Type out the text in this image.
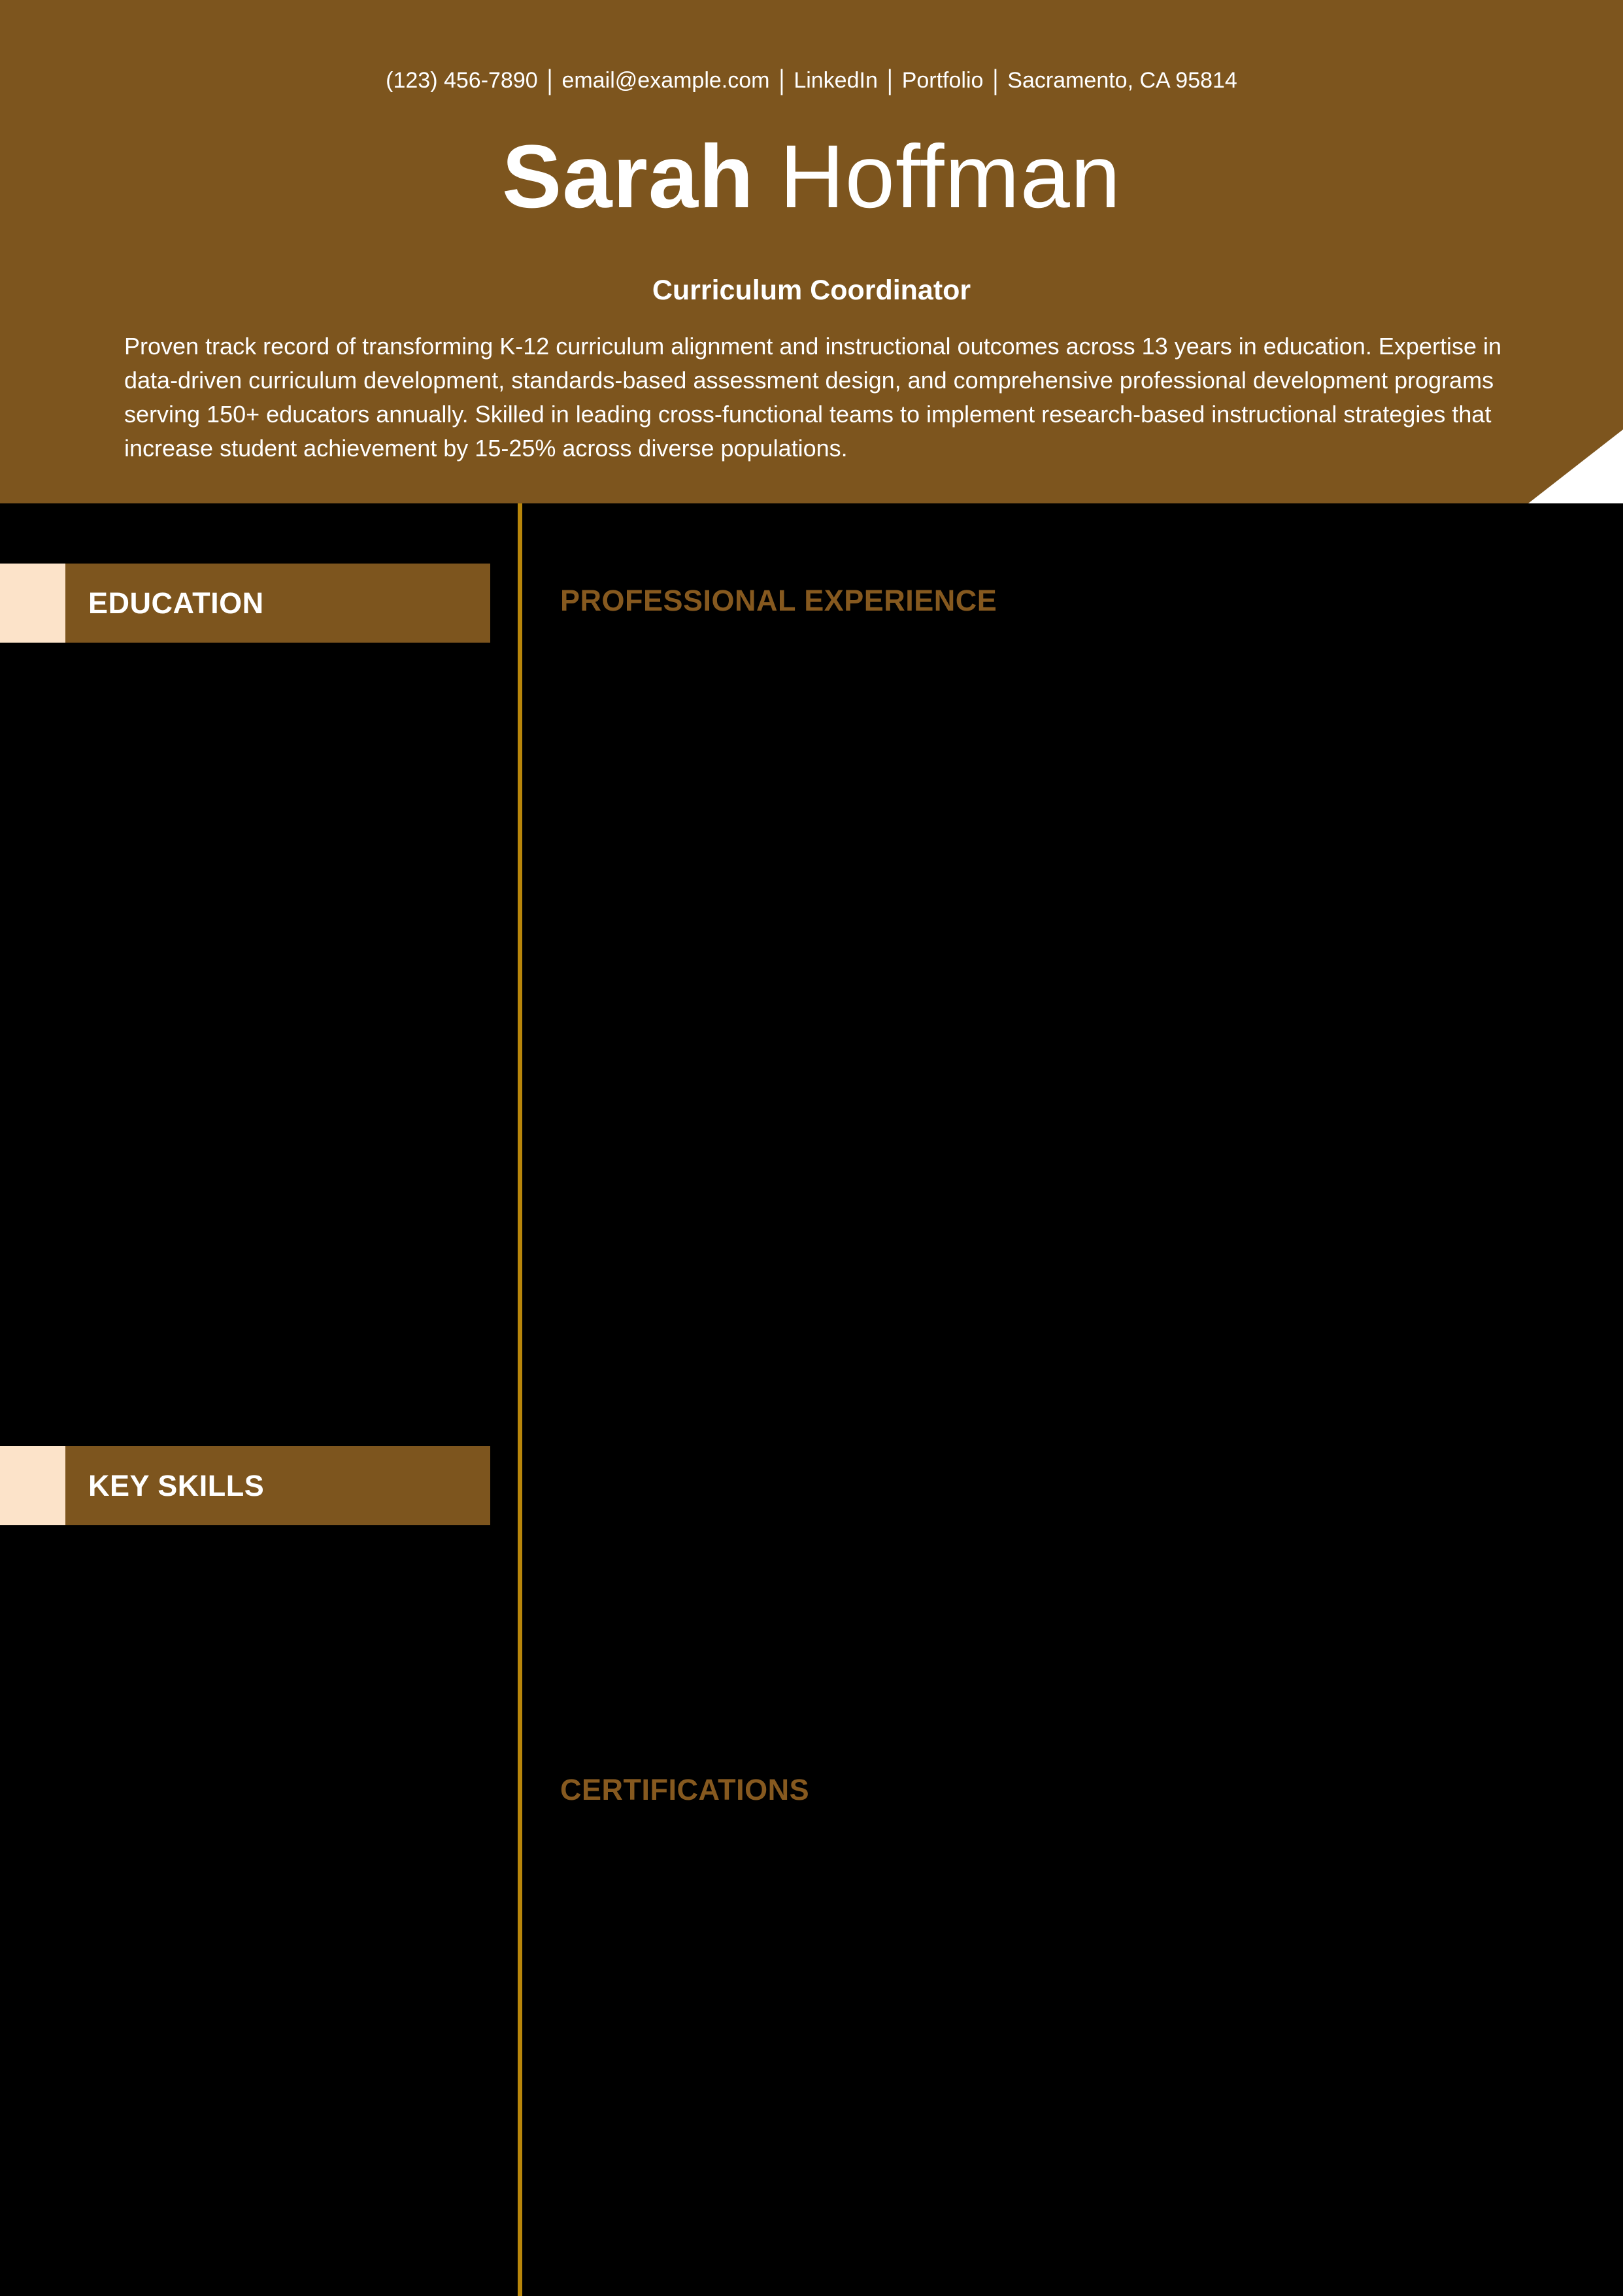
(123) 456-7890 | email@example.com | LinkedIn | Portfolio | Sacramento, CA 95814
Sarah Hoffman
Curriculum Coordinator

Proven track record of transforming K-12 curriculum alignment and instructional outcomes across 13 years in education. Expertise in data-driven curriculum development, standards-based assessment design, and comprehensive professional development programs serving 150+ educators annually. Skilled in leading cross-functional teams to implement research-based instructional strategies that increase student achievement by 15-25% across diverse populations.

EDUCATION
KEY SKILLS
PROFESSIONAL EXPERIENCE
CERTIFICATIONS
